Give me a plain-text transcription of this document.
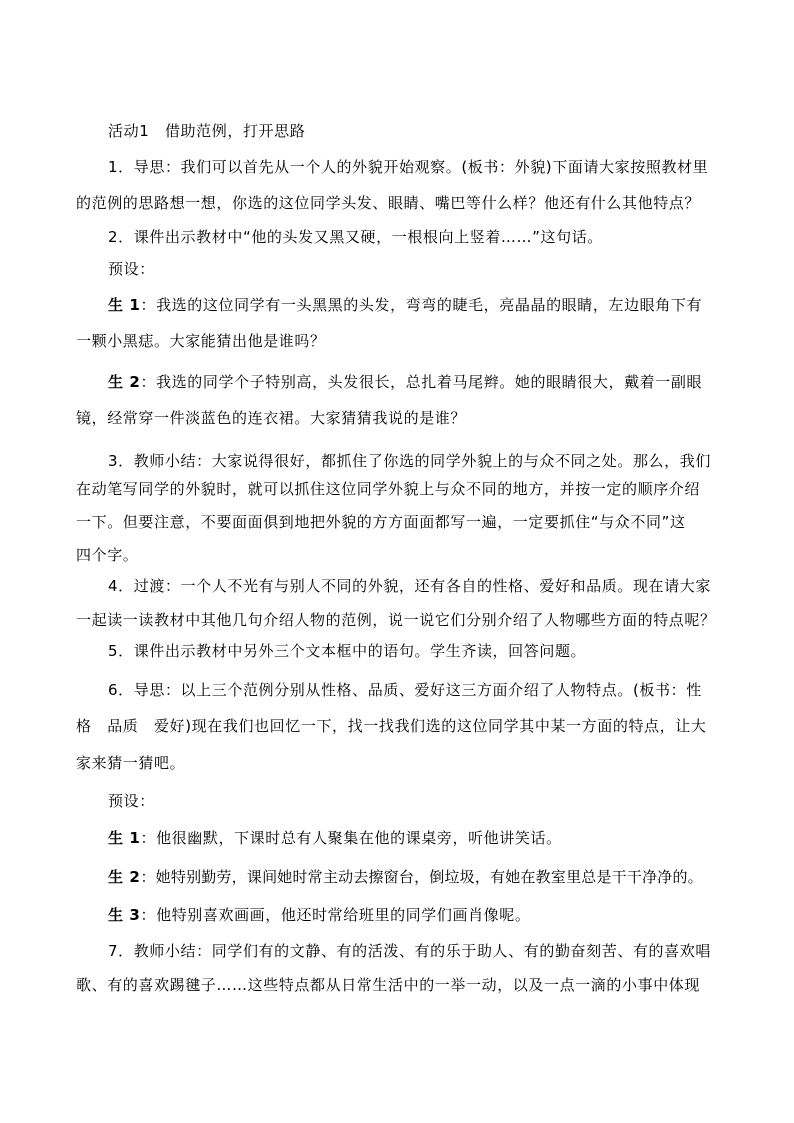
活动1　借助范例，打开思路
1．导思：我们可以首先从一个人的外貌开始观察。(板书：外貌)下面请大家按照教材里
的范例的思路想一想，你选的这位同学头发、眼睛、嘴巴等什么样？他还有什么其他特点？
2．课件出示教材中“他的头发又黑又硬，一根根向上竖着……”这句话。
预设：
生 1：我选的这位同学有一头黑黑的头发，弯弯的睫毛，亮晶晶的眼睛，左边眼角下有
一颗小黑痣。大家能猜出他是谁吗？
生 2：我选的同学个子特别高，头发很长，总扎着马尾辫。她的眼睛很大，戴着一副眼
镜，经常穿一件淡蓝色的连衣裙。大家猜猜我说的是谁？
3．教师小结：大家说得很好，都抓住了你选的同学外貌上的与众不同之处。那么，我们
在动笔写同学的外貌时，就可以抓住这位同学外貌上与众不同的地方，并按一定的顺序介绍
一下。但要注意，不要面面俱到地把外貌的方方面面都写一遍，一定要抓住“与众不同”这
四个字。
4．过渡：一个人不光有与别人不同的外貌，还有各自的性格、爱好和品质。现在请大家
一起读一读教材中其他几句介绍人物的范例，说一说它们分别介绍了人物哪些方面的特点呢？
5．课件出示教材中另外三个文本框中的语句。学生齐读，回答问题。
6．导思：以上三个范例分别从性格、品质、爱好这三方面介绍了人物特点。(板书：性
格　品质　爱好)现在我们也回忆一下，找一找我们选的这位同学其中某一方面的特点，让大
家来猜一猜吧。
预设：
生 1：他很幽默，下课时总有人聚集在他的课桌旁，听他讲笑话。
生 2：她特别勤劳，课间她时常主动去擦窗台，倒垃圾，有她在教室里总是干干净净的。
生 3：他特别喜欢画画，他还时常给班里的同学们画肖像呢。
7．教师小结：同学们有的文静、有的活泼、有的乐于助人、有的勤奋刻苦、有的喜欢唱
歌、有的喜欢踢毽子……这些特点都从日常生活中的一举一动，以及一点一滴的小事中体现
